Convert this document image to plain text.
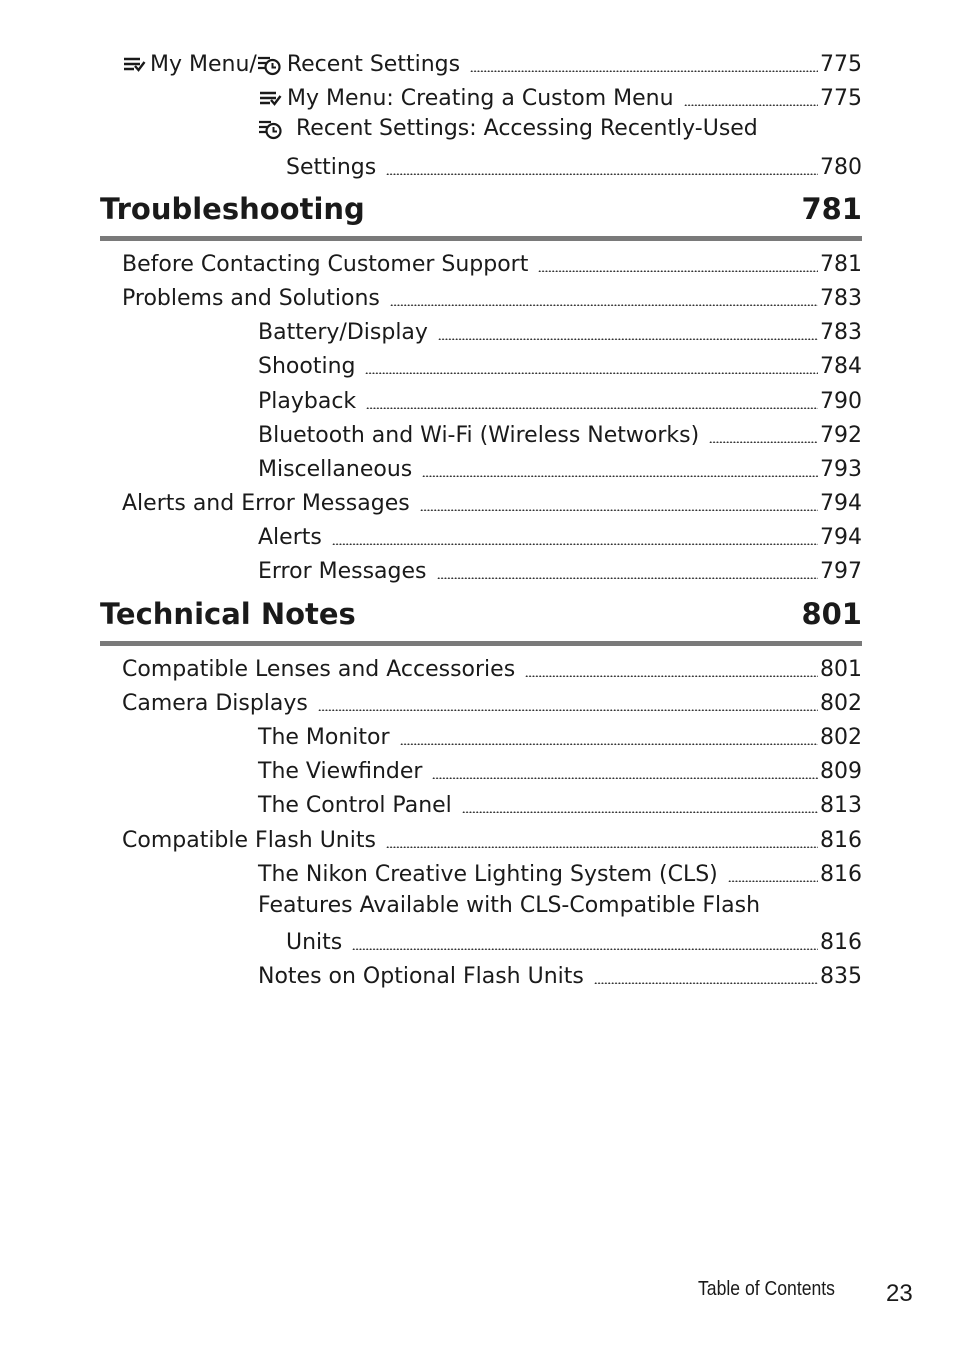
My Menu/ Recent Settings	775
My Menu: Creating a Custom Menu	775
Recent Settings: Accessing Recently-Used
Settings	780
Troubleshooting	781
Before Contacting Customer Support	781
Problems and Solutions	783
Battery/Display	783
Shooting	784
Playback	790
Bluetooth and Wi-Fi (Wireless Networks)	792
Miscellaneous	793
Alerts and Error Messages	794
Alerts	794
Error Messages	797
Technical Notes	801
Compatible Lenses and Accessories	801
Camera Displays	802
The Monitor	802
The Viewfinder	809
The Control Panel	813
Compatible Flash Units	816
The Nikon Creative Lighting System (CLS)	816
Features Available with CLS-Compatible Flash
Units	816
Notes on Optional Flash Units	835
Table of Contents 23
